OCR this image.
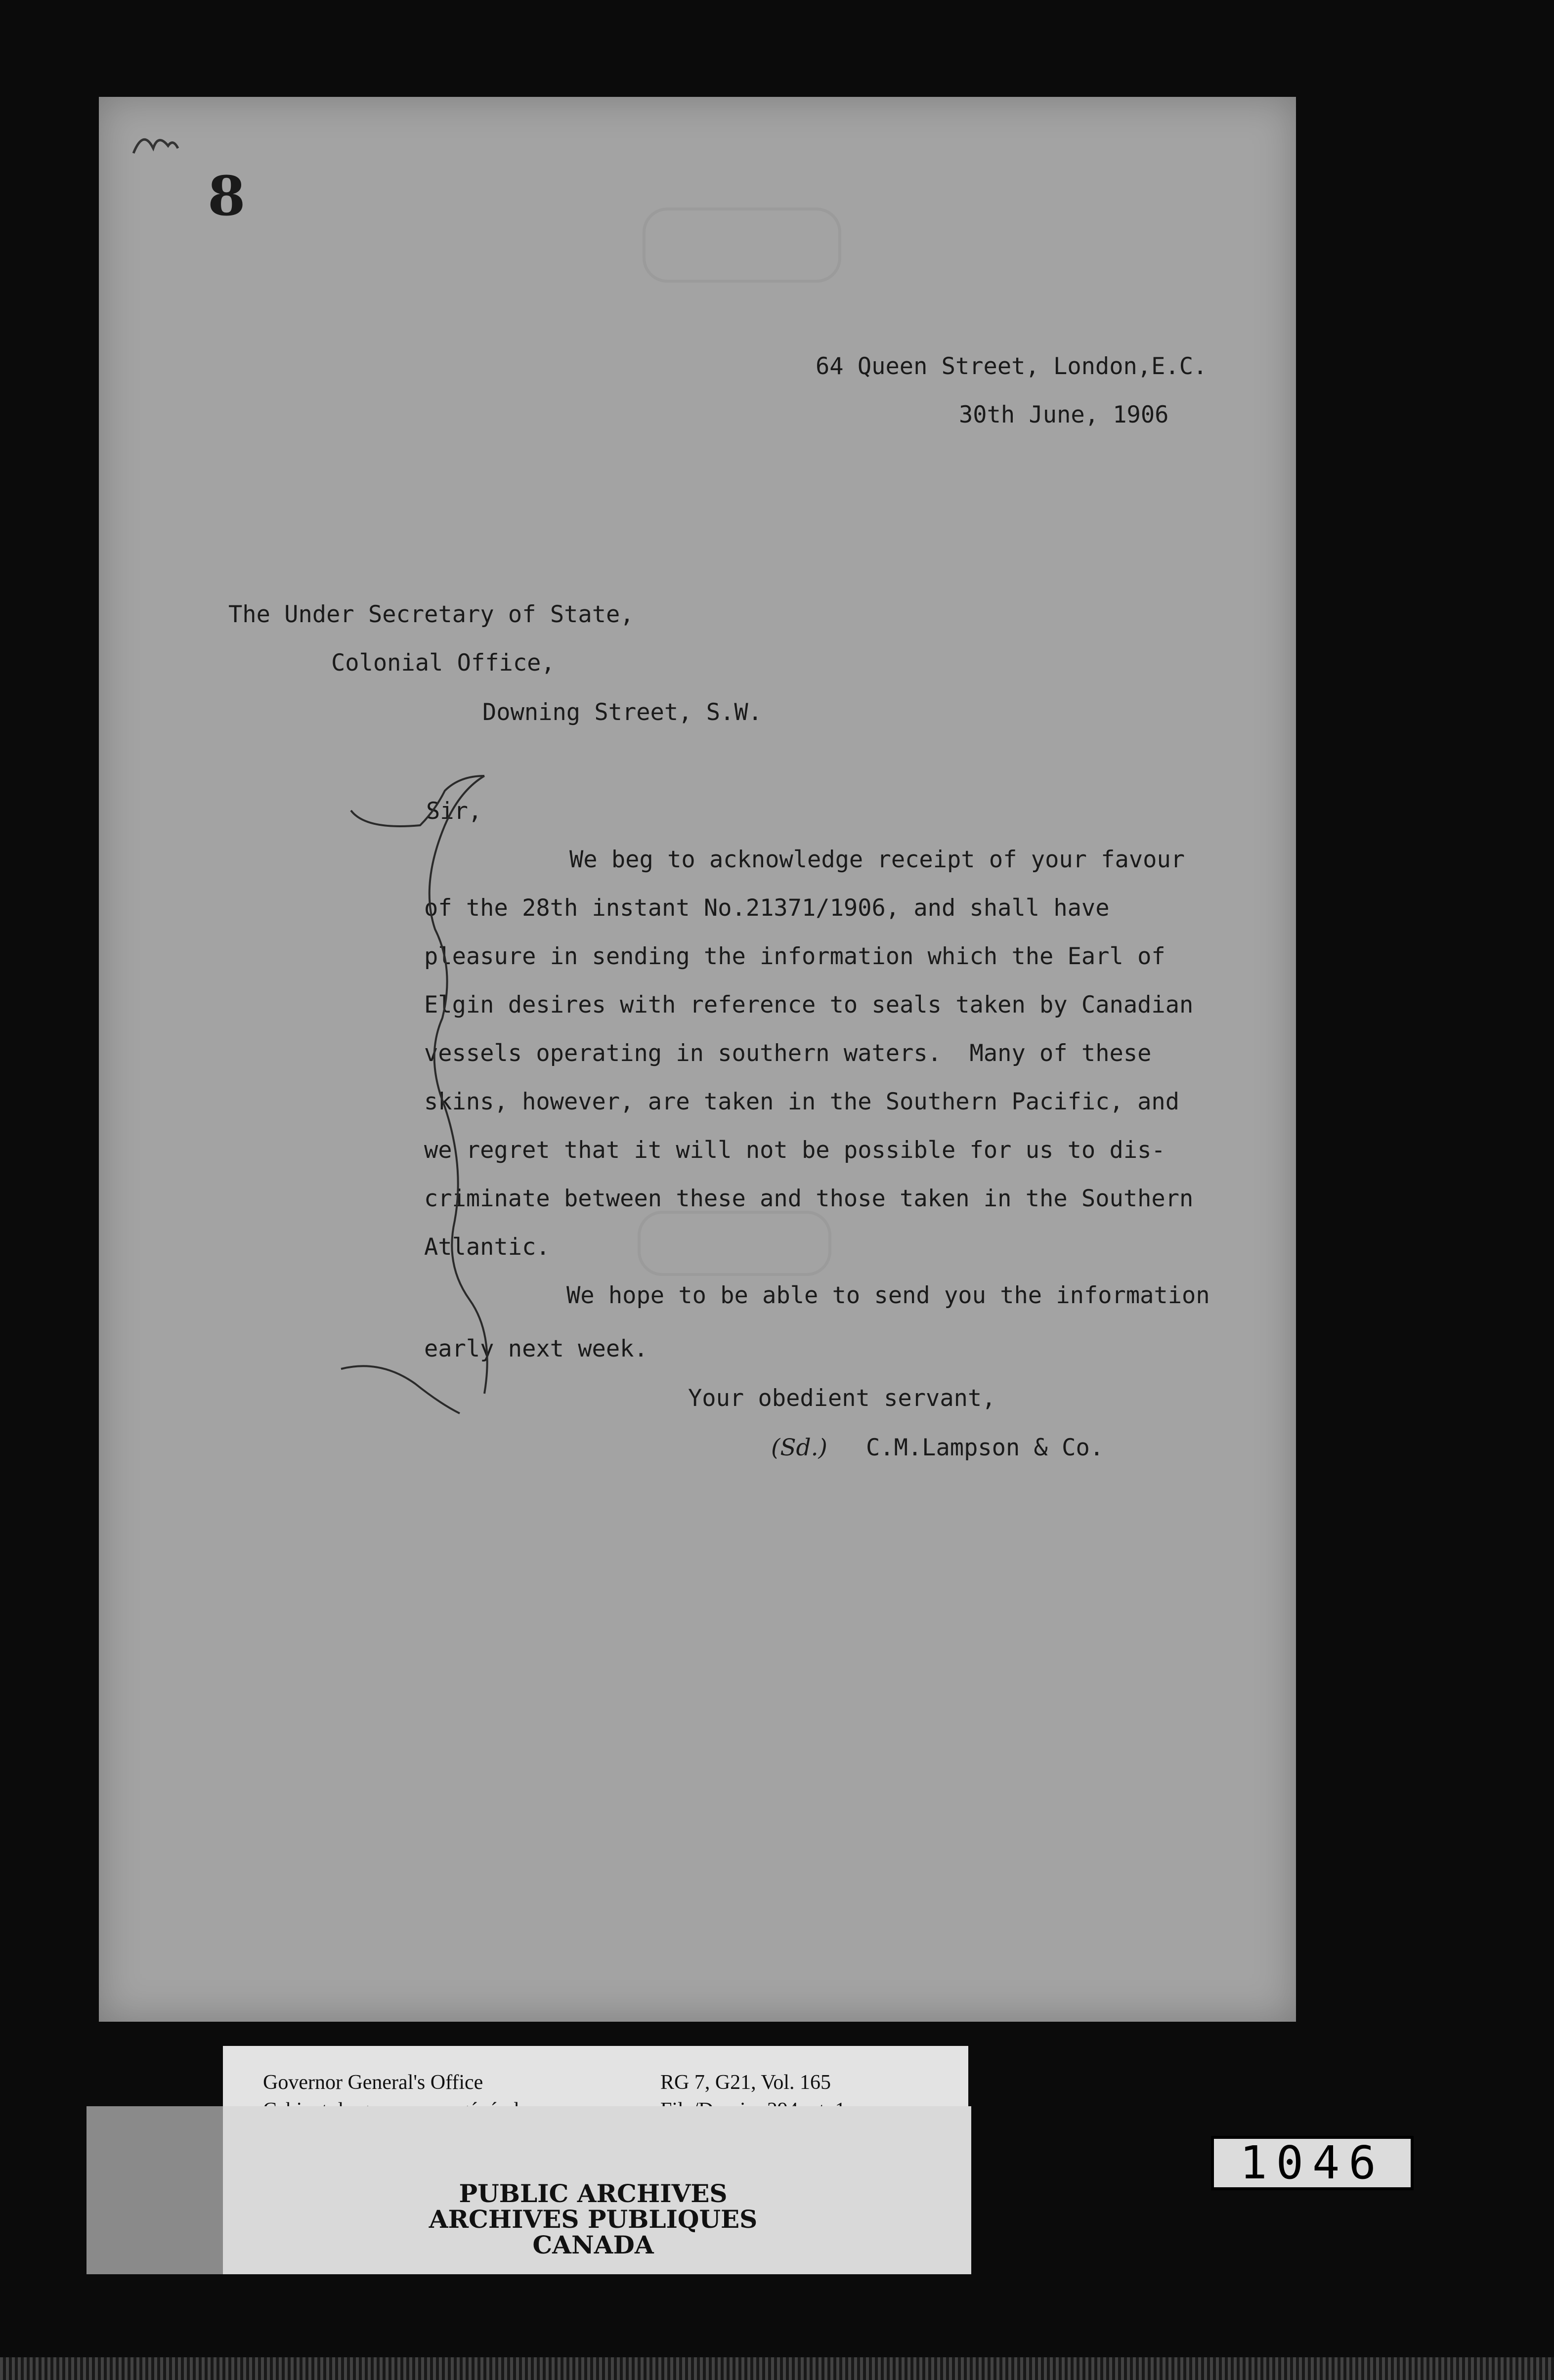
8
64 Queen Street, London,E.C.
30th June, 1906
The Under Secretary of State,
Colonial Office,
Downing Street, S.W.
Sir,
We beg to acknowledge receipt of your favour
of the 28th instant No.21371/1906, and shall have
pleasure in sending the information which the Earl of
Elgin desires with reference to seals taken by Canadian
vessels operating in southern waters.  Many of these
skins, however, are taken in the Southern Pacific, and
we regret that it will not be possible for us to dis-
criminate between these and those taken in the Southern
Atlantic.
We hope to be able to send you the information
early next week.
Your obedient servant,
(Sd.) C.M.Lampson & Co.
Governor General's Office	RG 7, G21, Vol. 165
PUBLIC ARCHIVES
ARCHIVES PUBLIQUES
CANADA
1046
